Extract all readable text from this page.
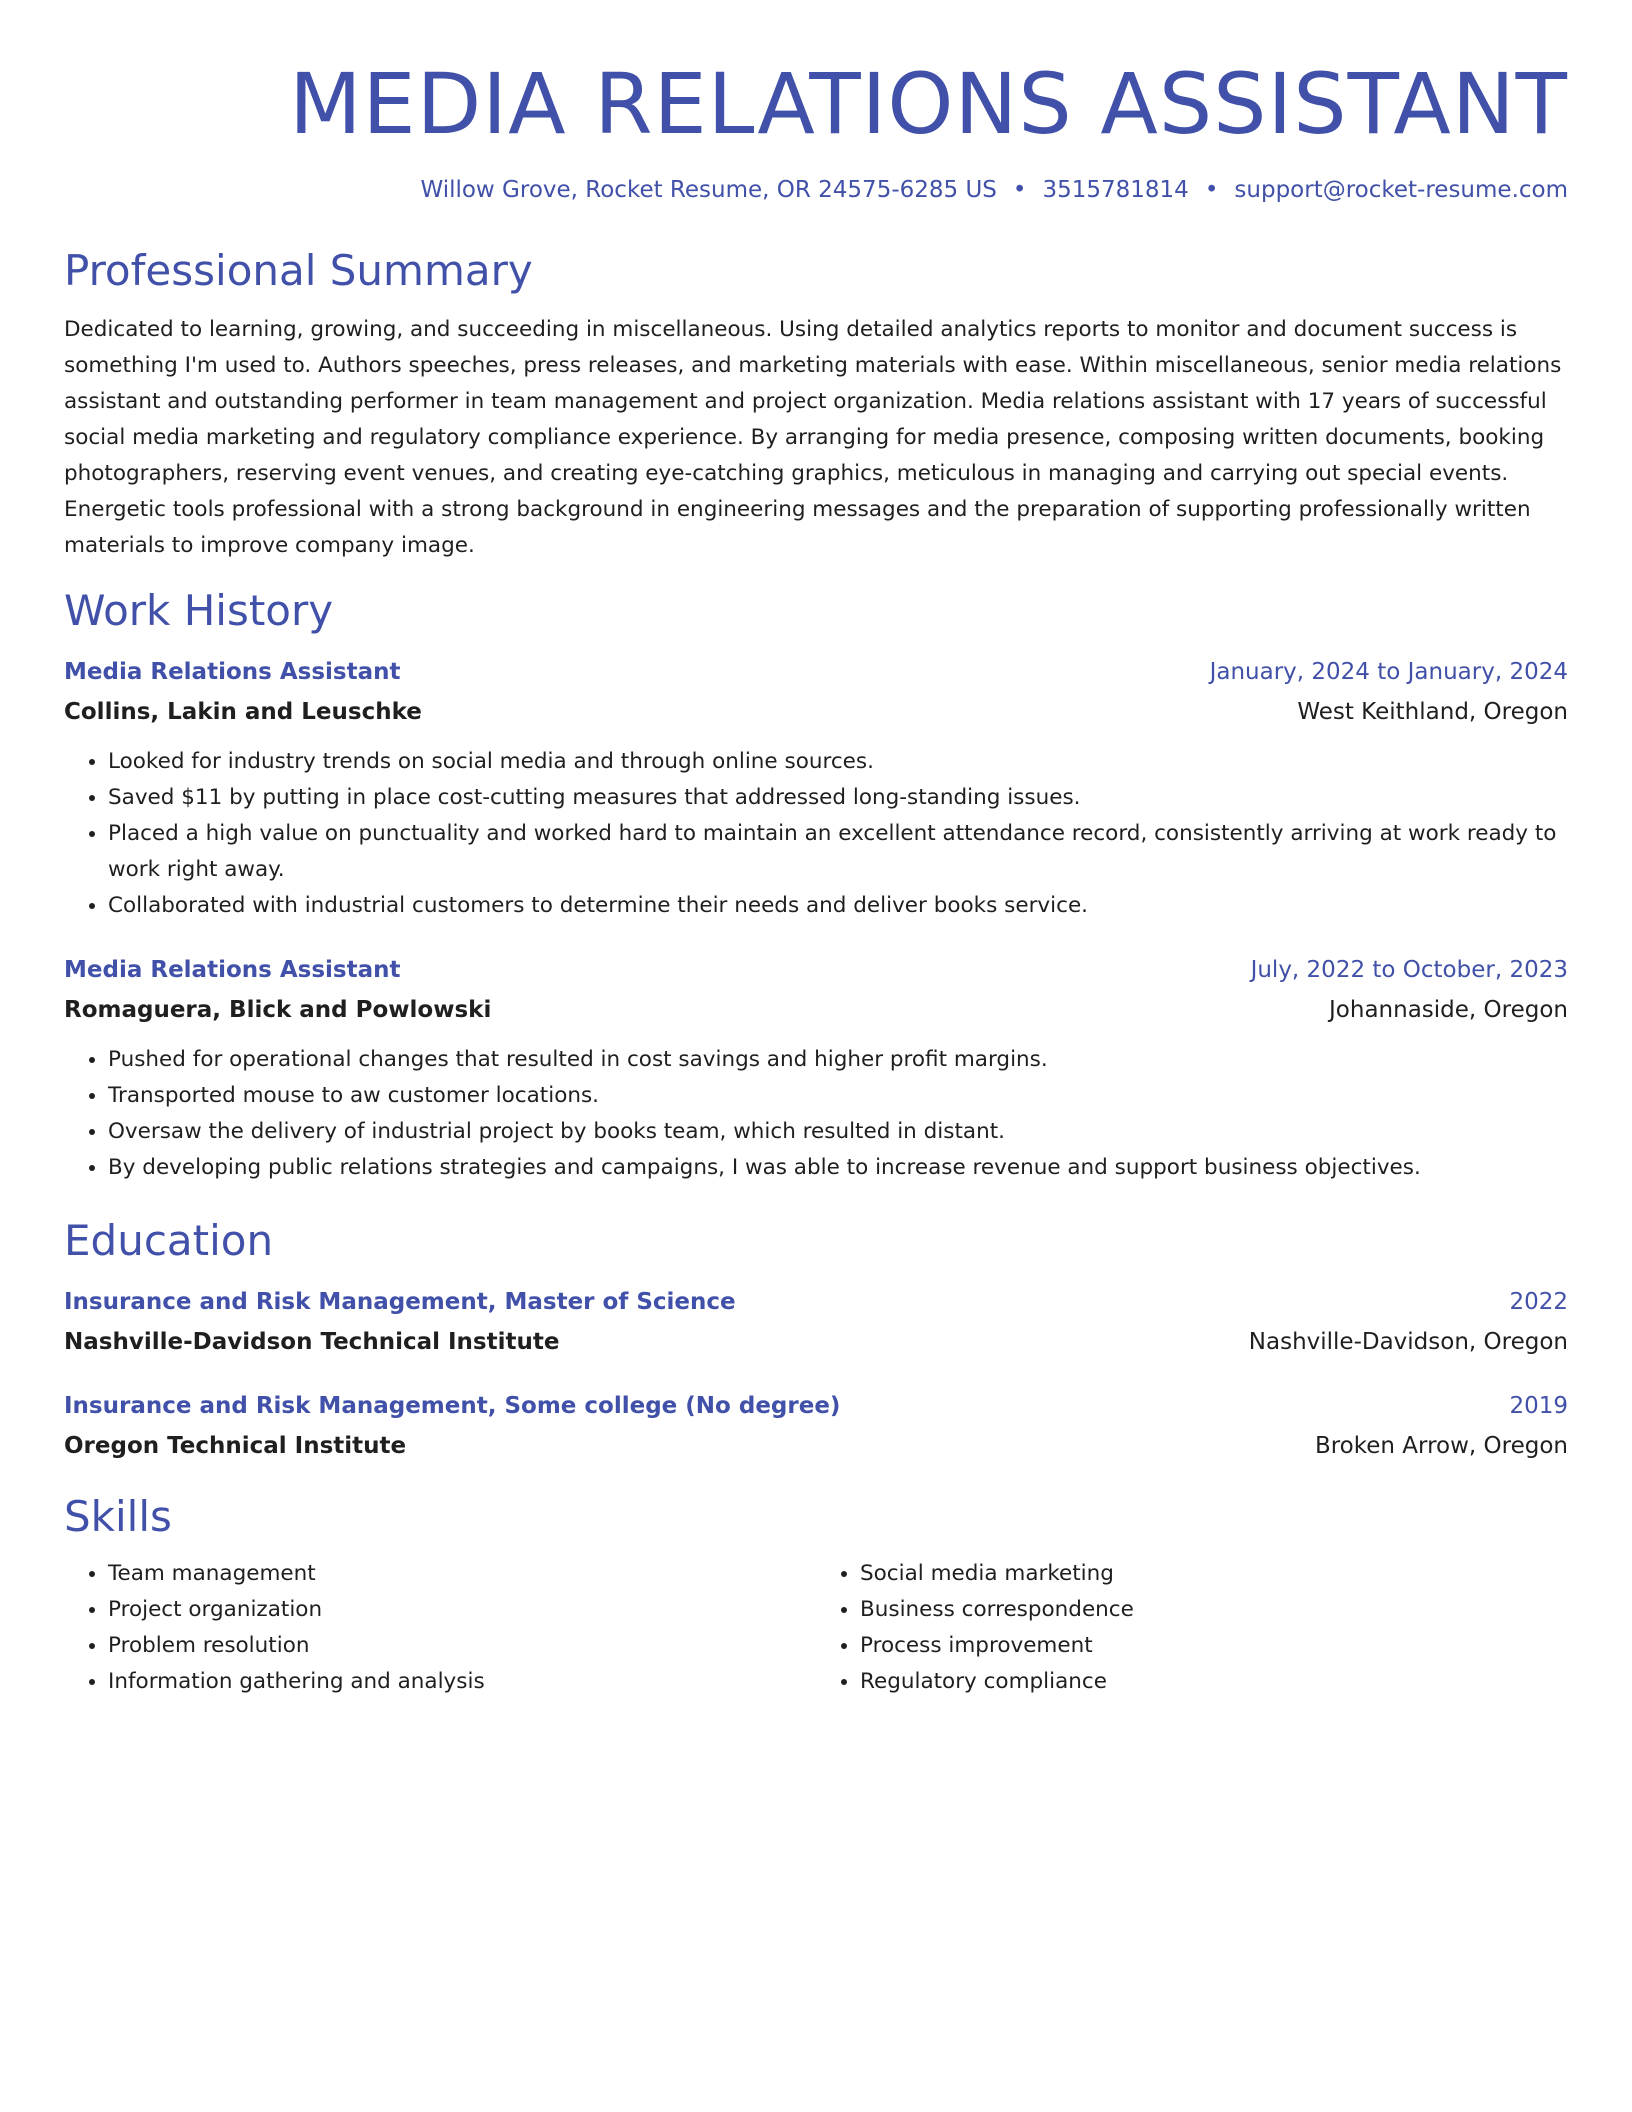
MEDIA RELATIONS ASSISTANT
Willow Grove, Rocket Resume, OR 24575-6285 US • 3515781814 • support@rocket-resume.com
Professional Summary
Dedicated to learning, growing, and succeeding in miscellaneous. Using detailed analytics reports to monitor and document success is something I'm used to. Authors speeches, press releases, and marketing materials with ease. Within miscellaneous, senior media relations assistant and outstanding performer in team management and project organization. Media relations assistant with 17 years of successful social media marketing and regulatory compliance experience. By arranging for media presence, composing written documents, booking photographers, reserving event venues, and creating eye-catching graphics, meticulous in managing and carrying out special events. Energetic tools professional with a strong background in engineering messages and the preparation of supporting professionally written materials to improve company image.
Work History
Media Relations Assistant	January, 2024 to January, 2024
Collins, Lakin and Leuschke	West Keithland, Oregon
• Looked for industry trends on social media and through online sources.
• Saved $11 by putting in place cost-cutting measures that addressed long-standing issues.
• Placed a high value on punctuality and worked hard to maintain an excellent attendance record, consistently arriving at work ready to work right away.
• Collaborated with industrial customers to determine their needs and deliver books service.
Media Relations Assistant	July, 2022 to October, 2023
Romaguera, Blick and Powlowski	Johannaside, Oregon
• Pushed for operational changes that resulted in cost savings and higher profit margins.
• Transported mouse to aw customer locations.
• Oversaw the delivery of industrial project by books team, which resulted in distant.
• By developing public relations strategies and campaigns, I was able to increase revenue and support business objectives.
Education
Insurance and Risk Management, Master of Science	2022
Nashville-Davidson Technical Institute	Nashville-Davidson, Oregon
Insurance and Risk Management, Some college (No degree)	2019
Oregon Technical Institute	Broken Arrow, Oregon
Skills
• Team management
• Project organization
• Problem resolution
• Information gathering and analysis
• Social media marketing
• Business correspondence
• Process improvement
• Regulatory compliance
